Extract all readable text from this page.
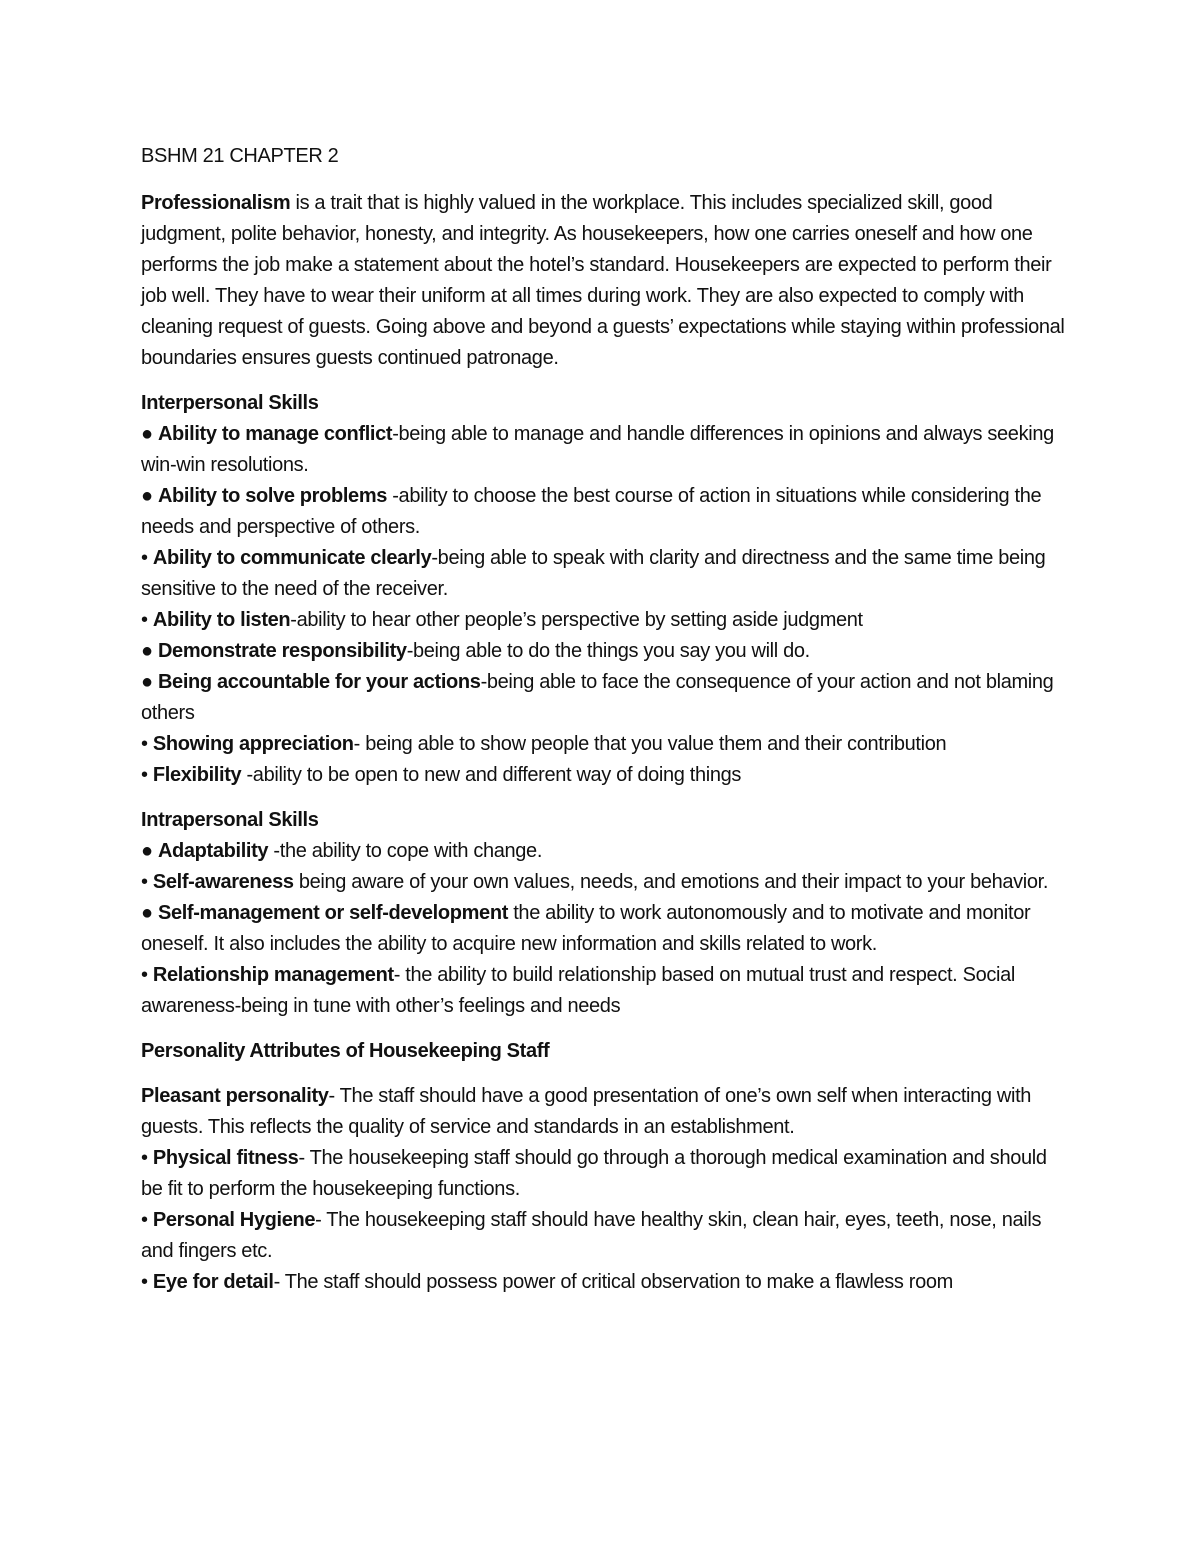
BSHM 21 CHAPTER 2

Professionalism is a trait that is highly valued in the workplace. This includes specialized skill, good judgment, polite behavior, honesty, and integrity. As housekeepers, how one carries oneself and how one performs the job make a statement about the hotel’s standard. Housekeepers are expected to perform their job well. They have to wear their uniform at all times during work. They are also expected to comply with cleaning request of guests. Going above and beyond a guests’ expectations while staying within professional boundaries ensures guests continued patronage.

Interpersonal Skills
● Ability to manage conflict-being able to manage and handle differences in opinions and always seeking win-win resolutions.
● Ability to solve problems -ability to choose the best course of action in situations while considering the needs and perspective of others.
• Ability to communicate clearly-being able to speak with clarity and directness and the same time being sensitive to the need of the receiver.
• Ability to listen-ability to hear other people’s perspective by setting aside judgment
● Demonstrate responsibility-being able to do the things you say you will do.
● Being accountable for your actions-being able to face the consequence of your action and not blaming others
• Showing appreciation- being able to show people that you value them and their contribution
• Flexibility -ability to be open to new and different way of doing things
Intrapersonal Skills
● Adaptability -the ability to cope with change.
• Self-awareness being aware of your own values, needs, and emotions and their impact to your behavior.
● Self-management or self-development the ability to work autonomously and to motivate and monitor oneself. It also includes the ability to acquire new information and skills related to work.
• Relationship management- the ability to build relationship based on mutual trust and respect. Social awareness-being in tune with other’s feelings and needs
Personality Attributes of Housekeeping Staff
Pleasant personality- The staff should have a good presentation of one’s own self when interacting with guests. This reflects the quality of service and standards in an establishment.
• Physical fitness- The housekeeping staff should go through a thorough medical examination and should be fit to perform the housekeeping functions.
• Personal Hygiene- The housekeeping staff should have healthy skin, clean hair, eyes, teeth, nose, nails and fingers etc.
• Eye for detail- The staff should possess power of critical observation to make a flawless room
